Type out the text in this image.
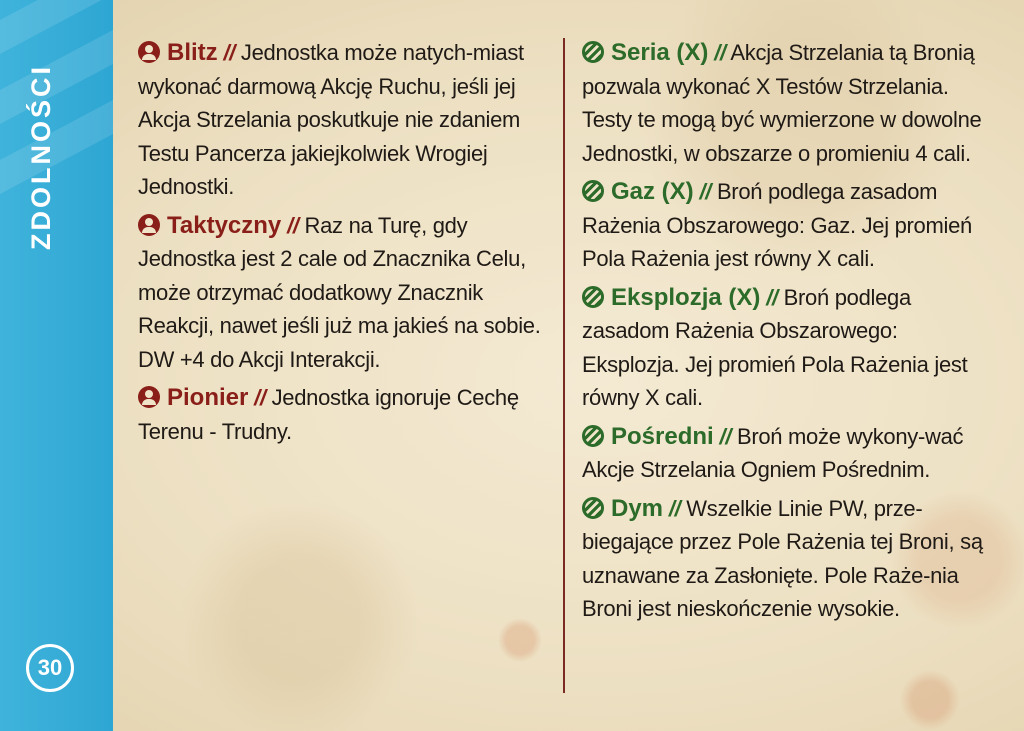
ZDOLNOŚCI
30

Blitz // Jednostka może natych-miast wykonać darmową Akcję Ruchu, jeśli jej Akcja Strzelania poskutkuje nie zdaniem Testu Pancerza jakiejkolwiek Wrogiej Jednostki.

Taktyczny // Raz na Turę, gdy Jednostka jest 2 cale od Znacznika Celu, może otrzymać dodatkowy Znacznik Reakcji, nawet jeśli już ma jakieś na sobie. DW +4 do Akcji Interakcji.

Pionier // Jednostka ignoruje Cechę Terenu - Trudny.

Seria (X) // Akcja Strzelania tą Bronią pozwala wykonać X Testów Strzelania. Testy te mogą być wymierzone w dowolne Jednostki, w obszarze o promieniu 4 cali.

Gaz (X) // Broń podlega zasadom Rażenia Obszarowego: Gaz. Jej promień Pola Rażenia jest równy X cali.

Eksplozja (X) // Broń podlega zasadom Rażenia Obszarowego: Eksplozja. Jej promień Pola Rażenia jest równy X cali.

Pośredni // Broń może wykony-wać Akcje Strzelania Ogniem Pośrednim.

Dym // Wszelkie Linie PW, prze-biegające przez Pole Rażenia tej Broni, są uznawane za Zasłonięte. Pole Raże-nia Broni jest nieskończenie wysokie.
